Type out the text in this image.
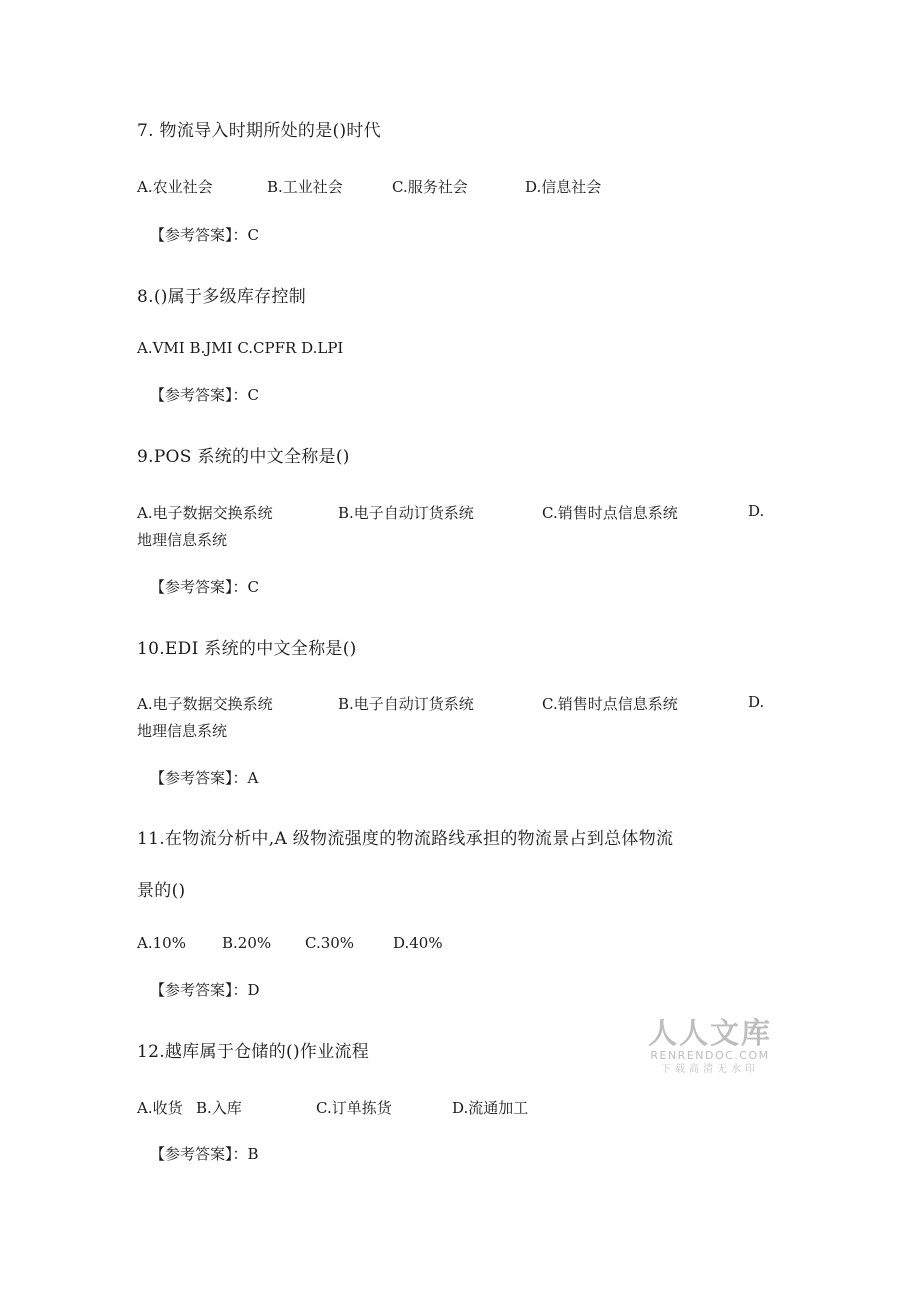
7. 物流导入时期所处的是()时代
A.农业社会	B.工业社会	C.服务社会	D.信息社会
【参考答案】：C
8.()属于多级库存控制
A.VMI B.JMI C.CPFR D.LPI
【参考答案】：C
9.POS 系统的中文全称是()
A.电子数据交换系统	B.电子自动订货系统	C.销售时点信息系统	D.
地理信息系统
【参考答案】：C
10.EDI 系统的中文全称是()
A.电子数据交换系统	B.电子自动订货系统	C.销售时点信息系统	D.
地理信息系统
【参考答案】：A
11.在物流分析中,A 级物流强度的物流路线承担的物流景占到总体物流
景的()
A.10% B.20% C.30%	D.40%
【参考答案】：D
12.越库属于仓储的()作业流程
A.收货 B.入库	C.订单拣货	D.流通加工
【参考答案】：B
人人文库
RENRENDOC.COM
下载高清无水印
